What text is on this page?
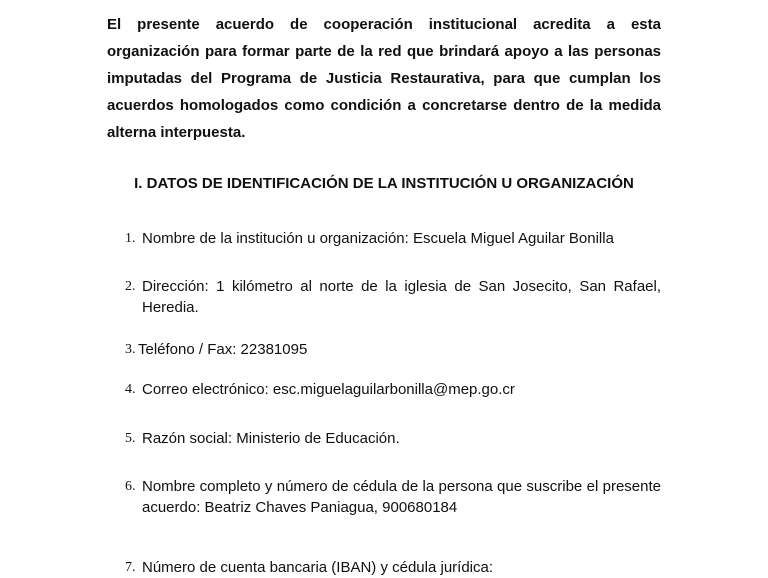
El presente acuerdo de cooperación institucional acredita a esta organización para formar parte de la red que brindará apoyo a las personas imputadas del Programa de Justicia Restaurativa, para que cumplan los acuerdos homologados como condición a concretarse dentro de la medida alterna interpuesta.

I. DATOS DE IDENTIFICACIÓN DE LA INSTITUCIÓN U ORGANIZACIÓN

1. Nombre de la institución u organización: Escuela Miguel Aguilar Bonilla
2. Dirección: 1 kilómetro al norte de la iglesia de San Josecito, San Rafael, Heredia.
3. Teléfono / Fax: 22381095
4. Correo electrónico: esc.miguelaguilarbonilla@mep.go.cr
5. Razón social: Ministerio de Educación.
6. Nombre completo y número de cédula de la persona que suscribe el presente acuerdo: Beatriz Chaves Paniagua, 900680184
7. Número de cuenta bancaria (IBAN) y cédula jurídica:
